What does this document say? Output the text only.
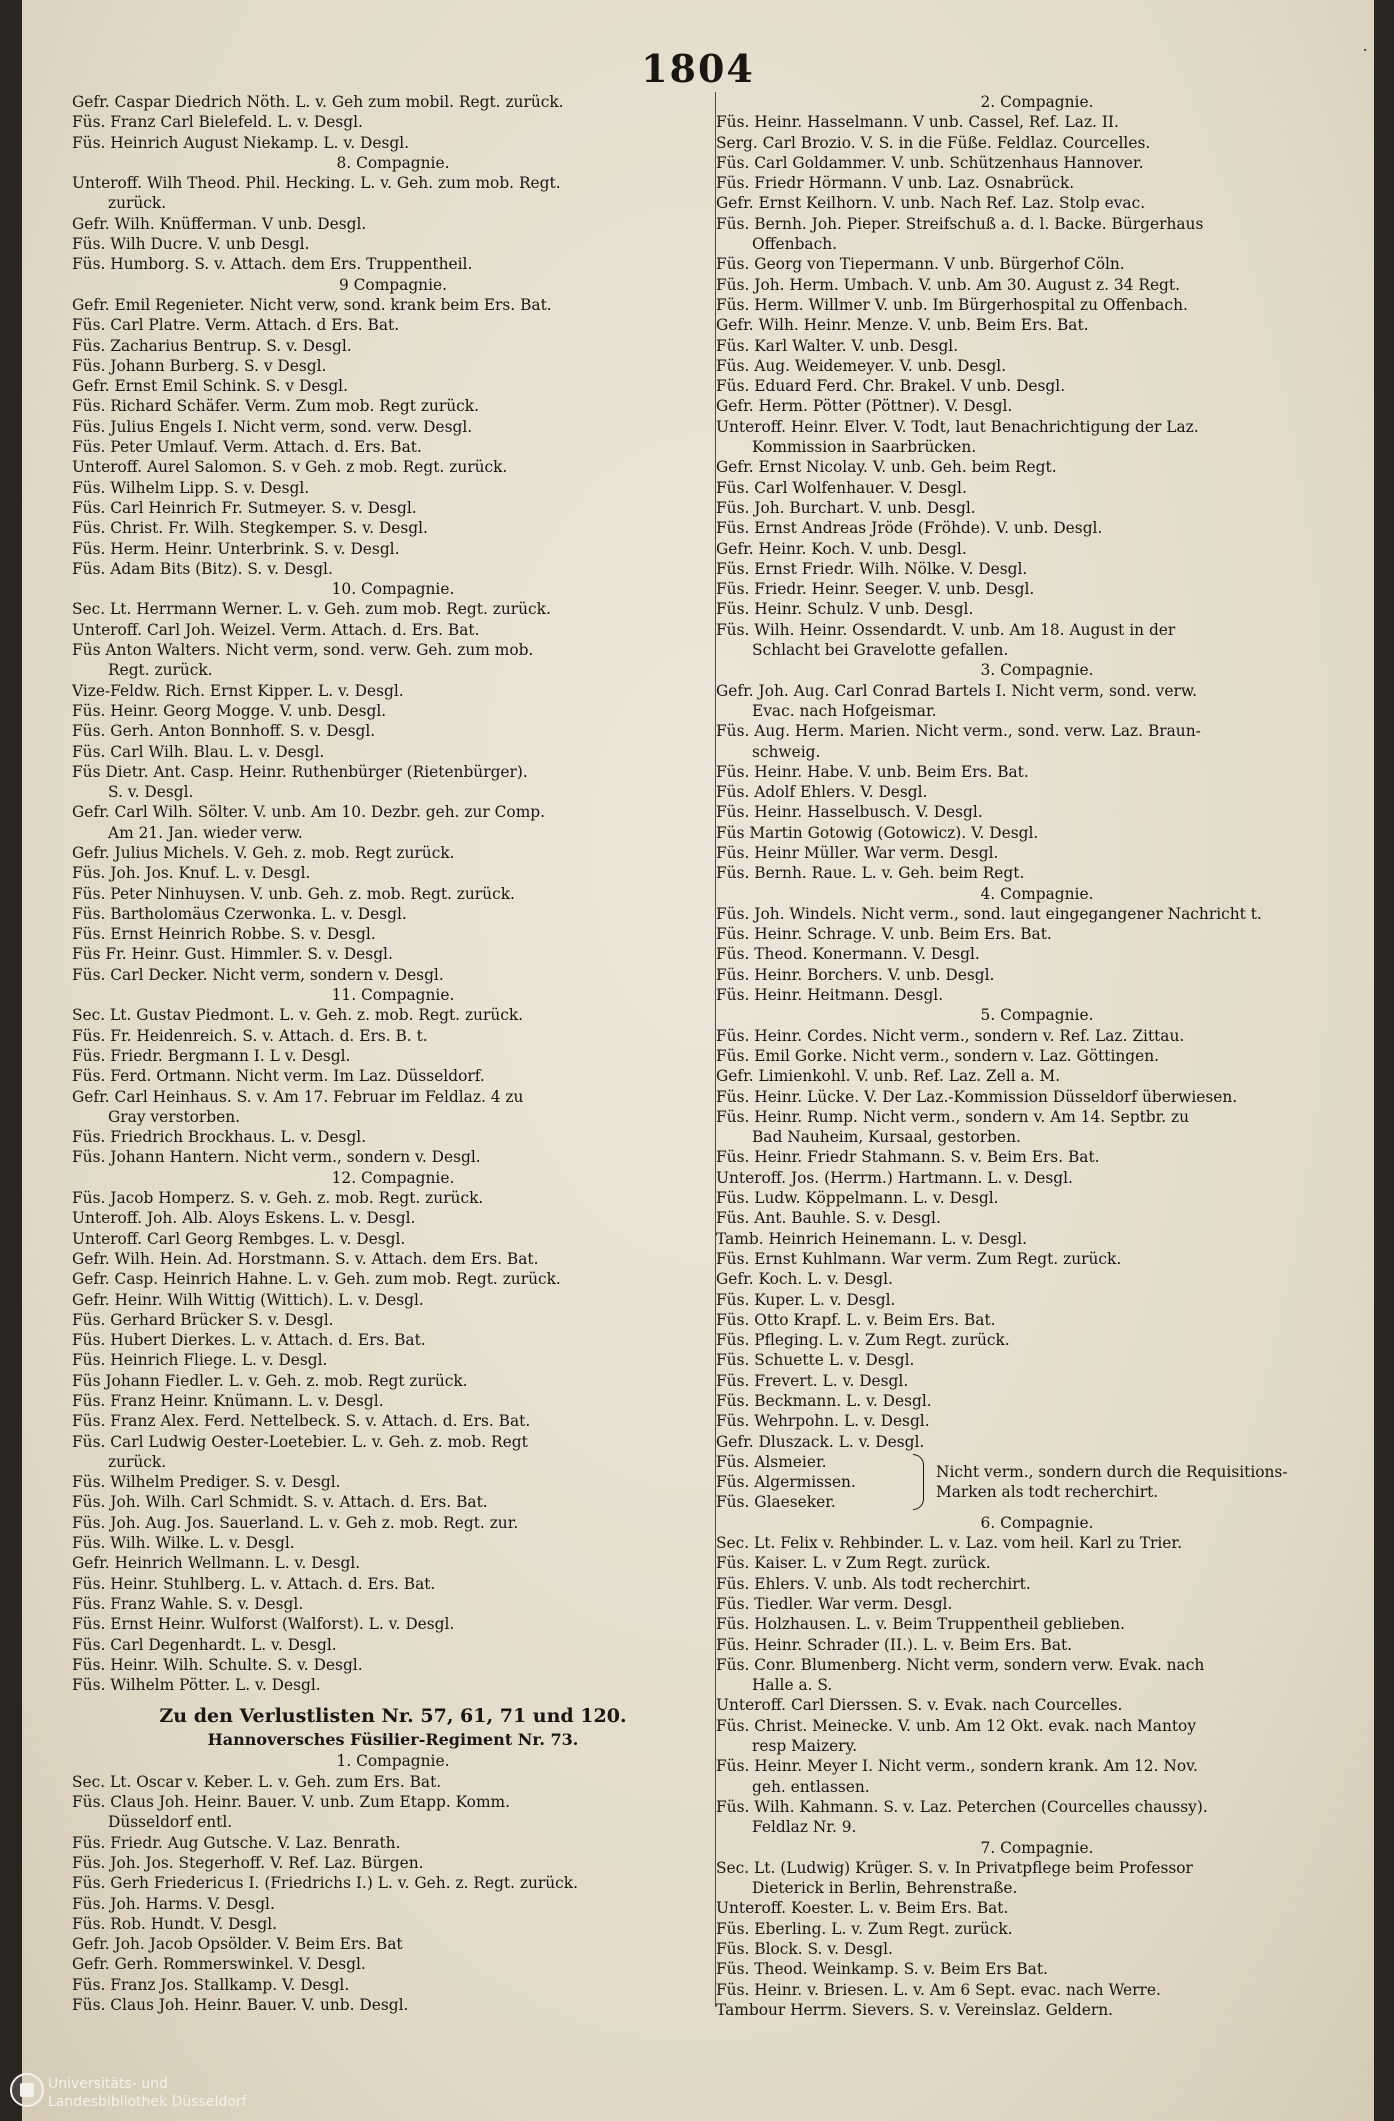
1804	·
Gefr. Caspar Diedrich Nöth. L. v. Geh zum mobil. Regt. zurück.
Füs. Franz Carl Bielefeld. L. v. Desgl.
Füs. Heinrich August Niekamp. L. v. Desgl.
8. Compagnie.
Unteroff. Wilh Theod. Phil. Hecking. L. v. Geh. zum mob. Regt.
zurück.
Gefr. Wilh. Knüfferman. V unb. Desgl.
Füs. Wilh Ducre. V. unb Desgl.
Füs. Humborg. S. v. Attach. dem Ers. Truppentheil.
9 Compagnie.
Gefr. Emil Regenieter. Nicht verw, sond. krank beim Ers. Bat.
Füs. Carl Platre. Verm. Attach. d Ers. Bat.
Füs. Zacharius Bentrup. S. v. Desgl.
Füs. Johann Burberg. S. v Desgl.
Gefr. Ernst Emil Schink. S. v Desgl.
Füs. Richard Schäfer. Verm. Zum mob. Regt zurück.
Füs. Julius Engels I. Nicht verm, sond. verw. Desgl.
Füs. Peter Umlauf. Verm. Attach. d. Ers. Bat.
Unteroff. Aurel Salomon. S. v Geh. z mob. Regt. zurück.
Füs. Wilhelm Lipp. S. v. Desgl.
Füs. Carl Heinrich Fr. Sutmeyer. S. v. Desgl.
Füs. Christ. Fr. Wilh. Stegkemper. S. v. Desgl.
Füs. Herm. Heinr. Unterbrink. S. v. Desgl.
Füs. Adam Bits (Bitz). S. v. Desgl.
10. Compagnie.
Sec. Lt. Herrmann Werner. L. v. Geh. zum mob. Regt. zurück.
Unteroff. Carl Joh. Weizel. Verm. Attach. d. Ers. Bat.
Füs Anton Walters. Nicht verm, sond. verw. Geh. zum mob.
Regt. zurück.
Vize-Feldw. Rich. Ernst Kipper. L. v. Desgl.
Füs. Heinr. Georg Mogge. V. unb. Desgl.
Füs. Gerh. Anton Bonnhoff. S. v. Desgl.
Füs. Carl Wilh. Blau. L. v. Desgl.
Füs Dietr. Ant. Casp. Heinr. Ruthenbürger (Rietenbürger).
S. v. Desgl.
Gefr. Carl Wilh. Sölter. V. unb. Am 10. Dezbr. geh. zur Comp.
Am 21. Jan. wieder verw.
Gefr. Julius Michels. V. Geh. z. mob. Regt zurück.
Füs. Joh. Jos. Knuf. L. v. Desgl.
Füs. Peter Ninhuysen. V. unb. Geh. z. mob. Regt. zurück.
Füs. Bartholomäus Czerwonka. L. v. Desgl.
Füs. Ernst Heinrich Robbe. S. v. Desgl.
Füs Fr. Heinr. Gust. Himmler. S. v. Desgl.
Füs. Carl Decker. Nicht verm, sondern v. Desgl.
11. Compagnie.
Sec. Lt. Gustav Piedmont. L. v. Geh. z. mob. Regt. zurück.
Füs. Fr. Heidenreich. S. v. Attach. d. Ers. B. t.
Füs. Friedr. Bergmann I. L v. Desgl.
Füs. Ferd. Ortmann. Nicht verm. Im Laz. Düsseldorf.
Gefr. Carl Heinhaus. S. v. Am 17. Februar im Feldlaz. 4 zu
Gray verstorben.
Füs. Friedrich Brockhaus. L. v. Desgl.
Füs. Johann Hantern. Nicht verm., sondern v. Desgl.
12. Compagnie.
Füs. Jacob Homperz. S. v. Geh. z. mob. Regt. zurück.
Unteroff. Joh. Alb. Aloys Eskens. L. v. Desgl.
Unteroff. Carl Georg Rembges. L. v. Desgl.
Gefr. Wilh. Hein. Ad. Horstmann. S. v. Attach. dem Ers. Bat.
Gefr. Casp. Heinrich Hahne. L. v. Geh. zum mob. Regt. zurück.
Gefr. Heinr. Wilh Wittig (Wittich). L. v. Desgl.
Füs. Gerhard Brücker S. v. Desgl.
Füs. Hubert Dierkes. L. v. Attach. d. Ers. Bat.
Füs. Heinrich Fliege. L. v. Desgl.
Füs Johann Fiedler. L. v. Geh. z. mob. Regt zurück.
Füs. Franz Heinr. Knümann. L. v. Desgl.
Füs. Franz Alex. Ferd. Nettelbeck. S. v. Attach. d. Ers. Bat.
Füs. Carl Ludwig Oester-Loetebier. L. v. Geh. z. mob. Regt
zurück.
Füs. Wilhelm Prediger. S. v. Desgl.
Füs. Joh. Wilh. Carl Schmidt. S. v. Attach. d. Ers. Bat.
Füs. Joh. Aug. Jos. Sauerland. L. v. Geh z. mob. Regt. zur.
Füs. Wilh. Wilke. L. v. Desgl.
Gefr. Heinrich Wellmann. L. v. Desgl.
Füs. Heinr. Stuhlberg. L. v. Attach. d. Ers. Bat.
Füs. Franz Wahle. S. v. Desgl.
Füs. Ernst Heinr. Wulforst (Walforst). L. v. Desgl.
Füs. Carl Degenhardt. L. v. Desgl.
Füs. Heinr. Wilh. Schulte. S. v. Desgl.
Füs. Wilhelm Pötter. L. v. Desgl.
Zu den Verlustlisten Nr. 57, 61, 71 und 120.
Hannoversches Füsilier-Regiment Nr. 73.
1. Compagnie.
Sec. Lt. Oscar v. Keber. L. v. Geh. zum Ers. Bat.
Füs. Claus Joh. Heinr. Bauer. V. unb. Zum Etapp. Komm.
Düsseldorf entl.
Füs. Friedr. Aug Gutsche. V. Laz. Benrath.
Füs. Joh. Jos. Stegerhoff. V. Ref. Laz. Bürgen.
Füs. Gerh Friedericus I. (Friedrichs I.) L. v. Geh. z. Regt. zurück.
Füs. Joh. Harms. V. Desgl.
Füs. Rob. Hundt. V. Desgl.
Gefr. Joh. Jacob Opsölder. V. Beim Ers. Bat
Gefr. Gerh. Rommerswinkel. V. Desgl.
Füs. Franz Jos. Stallkamp. V. Desgl.
Füs. Claus Joh. Heinr. Bauer. V. unb. Desgl.
2. Compagnie.
Füs. Heinr. Hasselmann. V unb. Cassel, Ref. Laz. II.
Serg. Carl Brozio. V. S. in die Füße. Feldlaz. Courcelles.
Füs. Carl Goldammer. V. unb. Schützenhaus Hannover.
Füs. Friedr Hörmann. V unb. Laz. Osnabrück.
Gefr. Ernst Keilhorn. V. unb. Nach Ref. Laz. Stolp evac.
Füs. Bernh. Joh. Pieper. Streifschuß a. d. l. Backe. Bürgerhaus
Offenbach.
Füs. Georg von Tiepermann. V unb. Bürgerhof Cöln.
Füs. Joh. Herm. Umbach. V. unb. Am 30. August z. 34 Regt.
Füs. Herm. Willmer V. unb. Im Bürgerhospital zu Offenbach.
Gefr. Wilh. Heinr. Menze. V. unb. Beim Ers. Bat.
Füs. Karl Walter. V. unb. Desgl.
Füs. Aug. Weidemeyer. V. unb. Desgl.
Füs. Eduard Ferd. Chr. Brakel. V unb. Desgl.
Gefr. Herm. Pötter (Pöttner). V. Desgl.
Unteroff. Heinr. Elver. V. Todt, laut Benachrichtigung der Laz.
Kommission in Saarbrücken.
Gefr. Ernst Nicolay. V. unb. Geh. beim Regt.
Füs. Carl Wolfenhauer. V. Desgl.
Füs. Joh. Burchart. V. unb. Desgl.
Füs. Ernst Andreas Jröde (Fröhde). V. unb. Desgl.
Gefr. Heinr. Koch. V. unb. Desgl.
Füs. Ernst Friedr. Wilh. Nölke. V. Desgl.
Füs. Friedr. Heinr. Seeger. V. unb. Desgl.
Füs. Heinr. Schulz. V unb. Desgl.
Füs. Wilh. Heinr. Ossendardt. V. unb. Am 18. August in der
Schlacht bei Gravelotte gefallen.
3. Compagnie.
Gefr. Joh. Aug. Carl Conrad Bartels I. Nicht verm, sond. verw.
Evac. nach Hofgeismar.
Füs. Aug. Herm. Marien. Nicht verm., sond. verw. Laz. Braun-
schweig.
Füs. Heinr. Habe. V. unb. Beim Ers. Bat.
Füs. Adolf Ehlers. V. Desgl.
Füs. Heinr. Hasselbusch. V. Desgl.
Füs Martin Gotowig (Gotowicz). V. Desgl.
Füs. Heinr Müller. War verm. Desgl.
Füs. Bernh. Raue. L. v. Geh. beim Regt.
4. Compagnie.
Füs. Joh. Windels. Nicht verm., sond. laut eingegangener Nachricht t.
Füs. Heinr. Schrage. V. unb. Beim Ers. Bat.
Füs. Theod. Konermann. V. Desgl.
Füs. Heinr. Borchers. V. unb. Desgl.
Füs. Heinr. Heitmann. Desgl.
5. Compagnie.
Füs. Heinr. Cordes. Nicht verm., sondern v. Ref. Laz. Zittau.
Füs. Emil Gorke. Nicht verm., sondern v. Laz. Göttingen.
Gefr. Limienkohl. V. unb. Ref. Laz. Zell a. M.
Füs. Heinr. Lücke. V. Der Laz.-Kommission Düsseldorf überwiesen.
Füs. Heinr. Rump. Nicht verm., sondern v. Am 14. Septbr. zu
Bad Nauheim, Kursaal, gestorben.
Füs. Heinr. Friedr Stahmann. S. v. Beim Ers. Bat.
Unteroff. Jos. (Herrm.) Hartmann. L. v. Desgl.
Füs. Ludw. Köppelmann. L. v. Desgl.
Füs. Ant. Bauhle. S. v. Desgl.
Tamb. Heinrich Heinemann. L. v. Desgl.
Füs. Ernst Kuhlmann. War verm. Zum Regt. zurück.
Gefr. Koch. L. v. Desgl.
Füs. Kuper. L. v. Desgl.
Füs. Otto Krapf. L. v. Beim Ers. Bat.
Füs. Pfleging. L. v. Zum Regt. zurück.
Füs. Schuette L. v. Desgl.
Füs. Frevert. L. v. Desgl.
Füs. Beckmann. L. v. Desgl.
Füs. Wehrpohn. L. v. Desgl.
Gefr. Dluszack. L. v. Desgl.
Füs. Alsmeier.
Füs. Algermissen.
Füs. Glaeseker.
Nicht verm., sondern durch die Requisitions-
Marken als todt recherchirt.
6. Compagnie.
Sec. Lt. Felix v. Rehbinder. L. v. Laz. vom heil. Karl zu Trier.
Füs. Kaiser. L. v Zum Regt. zurück.
Füs. Ehlers. V. unb. Als todt recherchirt.
Füs. Tiedler. War verm. Desgl.
Füs. Holzhausen. L. v. Beim Truppentheil geblieben.
Füs. Heinr. Schrader (II.). L. v. Beim Ers. Bat.
Füs. Conr. Blumenberg. Nicht verm, sondern verw. Evak. nach
Halle a. S.
Unteroff. Carl Dierssen. S. v. Evak. nach Courcelles.
Füs. Christ. Meinecke. V. unb. Am 12 Okt. evak. nach Mantoy
resp Maizery.
Füs. Heinr. Meyer I. Nicht verm., sondern krank. Am 12. Nov.
geh. entlassen.
Füs. Wilh. Kahmann. S. v. Laz. Peterchen (Courcelles chaussy).
Feldlaz Nr. 9.
7. Compagnie.
Sec. Lt. (Ludwig) Krüger. S. v. In Privatpflege beim Professor
Dieterick in Berlin, Behrenstraße.
Unteroff. Koester. L. v. Beim Ers. Bat.
Füs. Eberling. L. v. Zum Regt. zurück.
Füs. Block. S. v. Desgl.
Füs. Theod. Weinkamp. S. v. Beim Ers Bat.
Füs. Heinr. v. Briesen. L. v. Am 6 Sept. evac. nach Werre.
Tambour Herrm. Sievers. S. v. Vereinslaz. Geldern.
Universitäts- und
Landesbibliothek Düsseldorf
